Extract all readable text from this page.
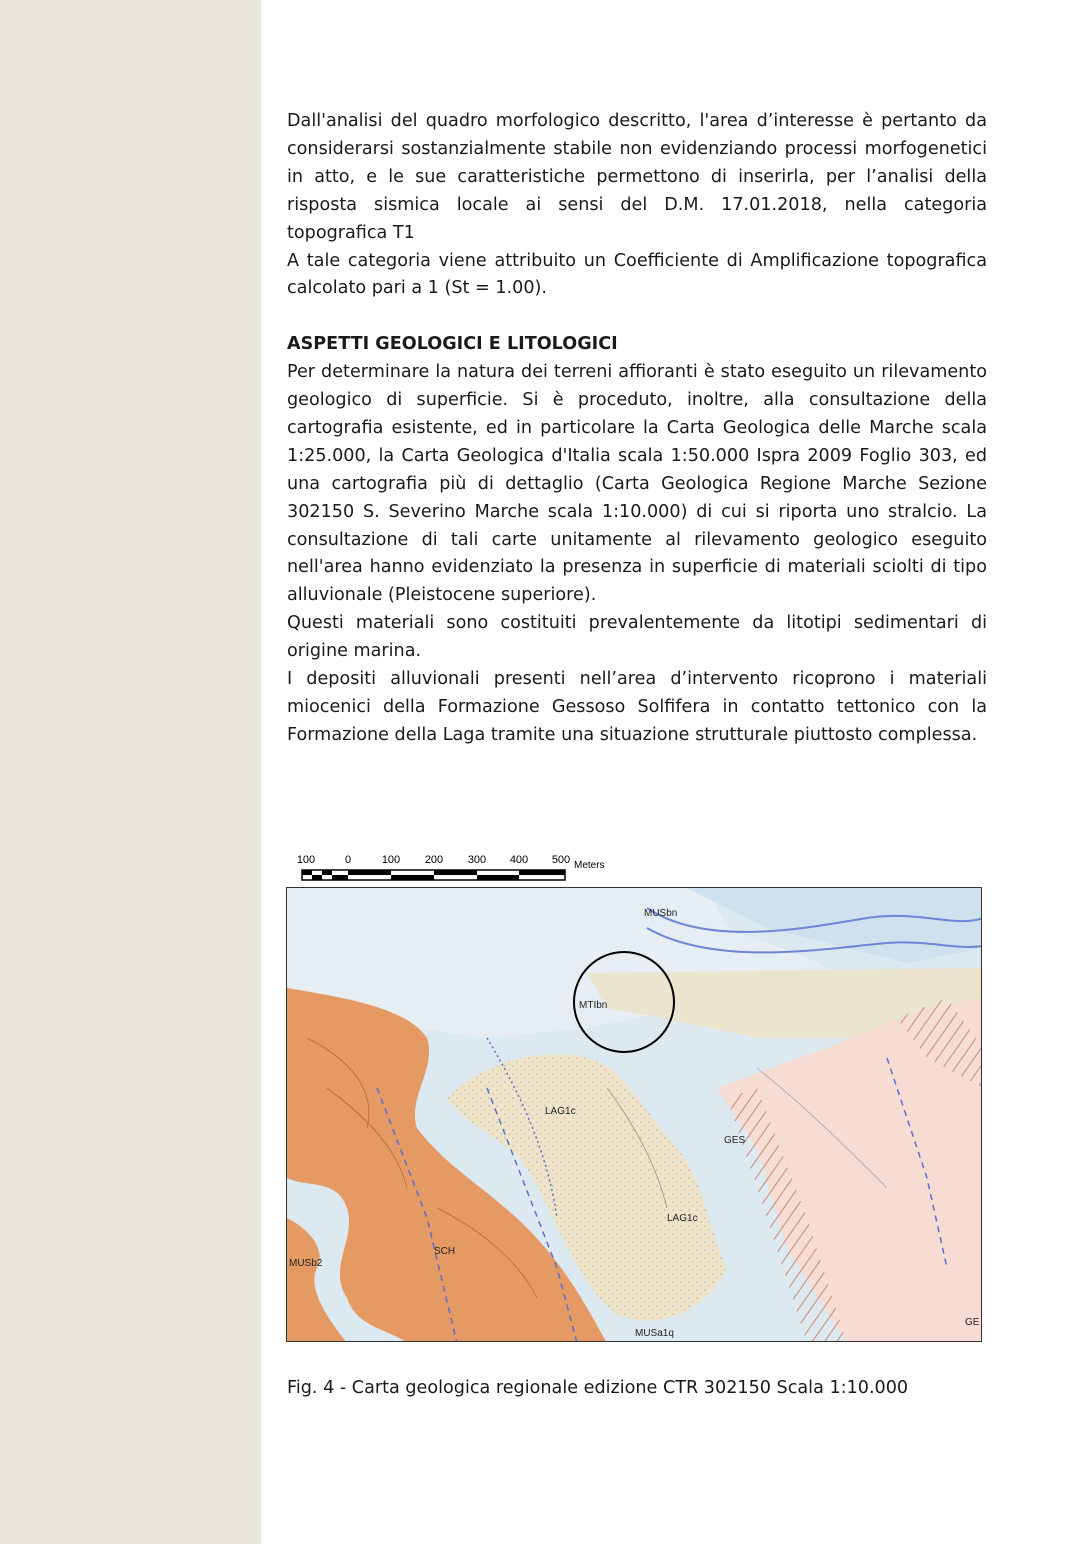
Dall'analisi del quadro morfologico descritto, l'area d’interesse è pertanto da considerarsi sostanzialmente stabile non evidenziando processi morfogenetici in atto, e le sue caratteristiche permettono di inserirla, per l’analisi della risposta sismica locale ai sensi del D.M. 17.01.2018, nella categoria topografica T1

A tale categoria viene attribuito un Coefficiente di Amplificazione topografica calcolato pari a 1 (St = 1.00).

ASPETTI GEOLOGICI E LITOLOGICI

Per determinare la natura dei terreni affioranti è stato eseguito un rilevamento geologico di superficie. Si è proceduto, inoltre, alla consultazione della cartografia esistente, ed in particolare la Carta Geologica delle Marche scala 1:25.000, la Carta Geologica d'Italia scala 1:50.000 Ispra 2009 Foglio 303, ed una cartografia più di dettaglio (Carta Geologica Regione Marche Sezione 302150 S. Severino Marche scala 1:10.000) di cui si riporta uno stralcio. La consultazione di tali carte unitamente al rilevamento geologico eseguito nell'area hanno evidenziato la presenza in superficie di materiali sciolti di tipo alluvionale (Pleistocene superiore).

Questi materiali sono costituiti prevalentemente da litotipi sedimentari di origine marina.

I depositi alluvionali presenti nell’area d’intervento ricoprono i materiali miocenici della Formazione Gessoso Solfifera in contatto tettonico con la Formazione della Laga tramite una situazione strutturale piuttosto complessa.

100	0	100 200 300 400 500 Meters
MUSbn
MTIbn
LAG1c
GES
LAG1c
SCH
MUSb2
MUSa1q
GE
Fig. 4 - Carta geologica regionale edizione CTR 302150 Scala 1:10.000
